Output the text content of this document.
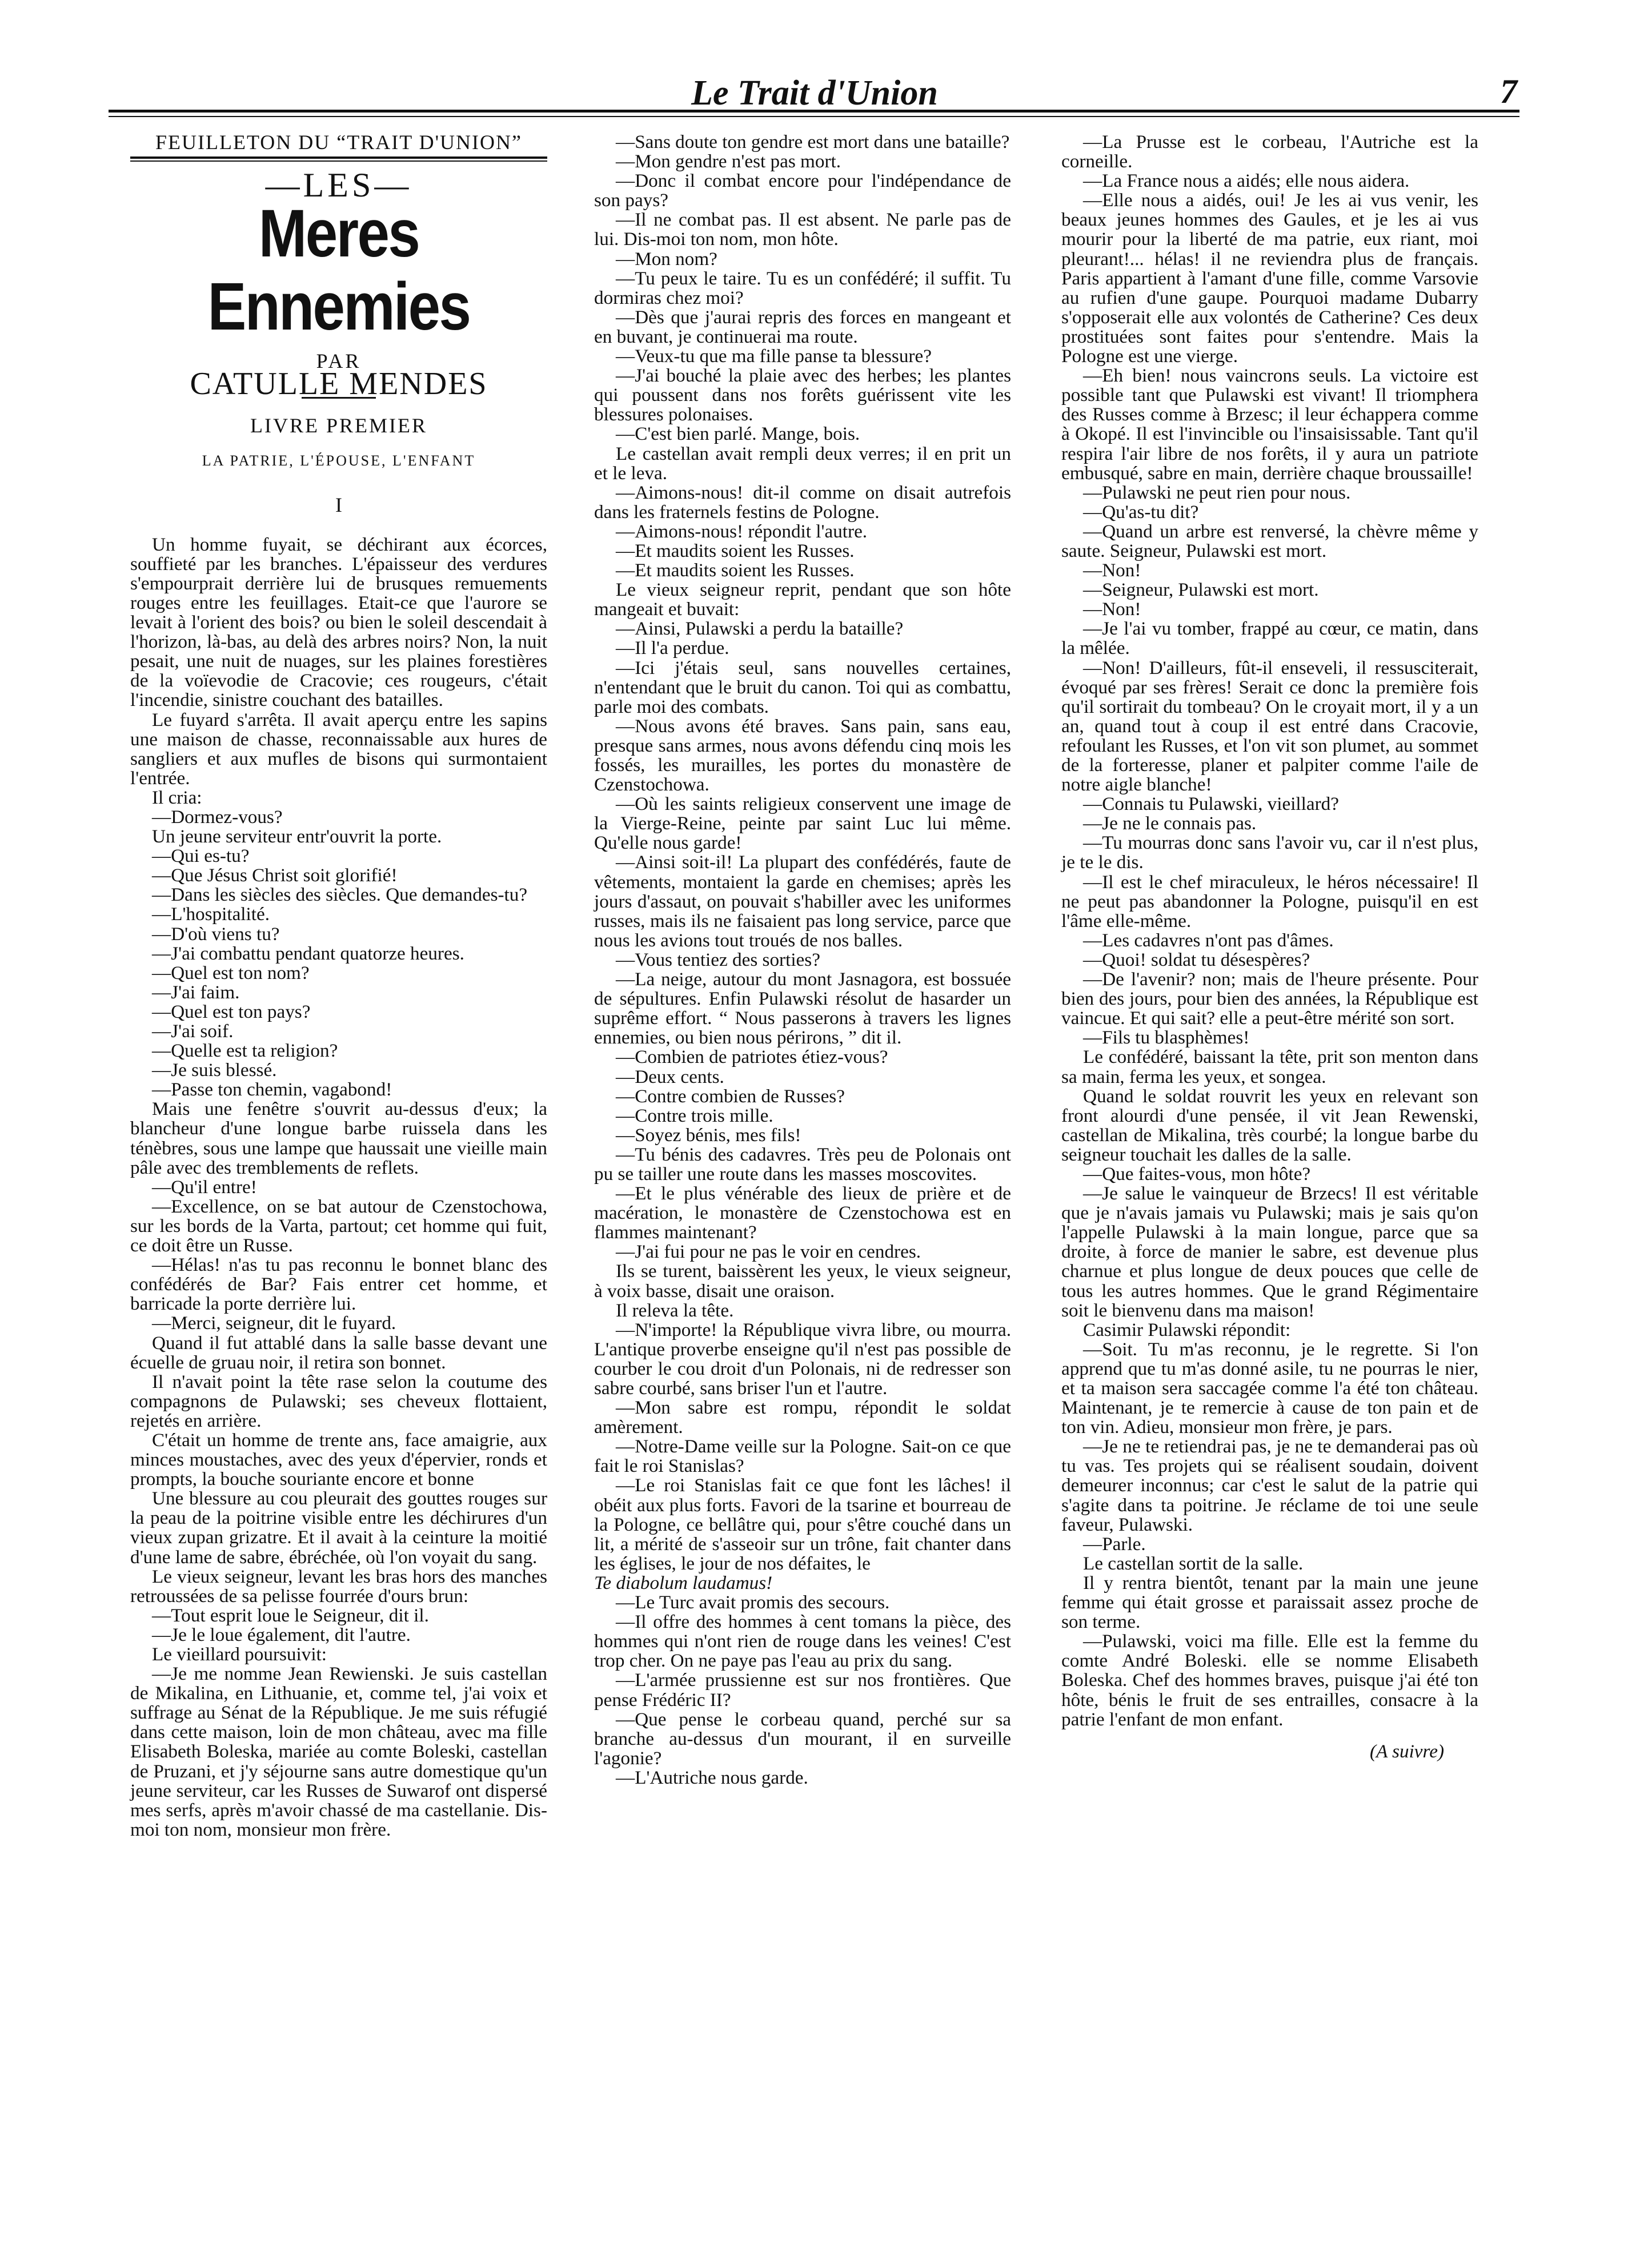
Le Trait d'Union	7
FEUILLETON DU “TRAIT D'UNION”
—LES—
Meres Ennemies
PAR
CATULLE MENDES
LIVRE PREMIER
LA PATRIE, L'ÉPOUSE, L'ENFANT
I

Un homme fuyait, se déchirant aux écorces, souffieté par les branches. L'épaisseur des verdures s'empourprait derrière lui de brusques remuements rouges entre les feuillages. Etait-ce que l'aurore se levait à l'orient des bois? ou bien le soleil descendait à l'horizon, là-bas, au delà des arbres noirs? Non, la nuit pesait, une nuit de nuages, sur les plaines forestières de la voïevodie de Cracovie; ces rougeurs, c'était l'incendie, sinistre couchant des batailles.

Le fuyard s'arrêta. Il avait aperçu entre les sapins une maison de chasse, reconnaissable aux hures de sangliers et aux mufles de bisons qui surmontaient l'entrée.

Il cria:

—Dormez-vous?

Un jeune serviteur entr'ouvrit la porte.

—Qui es-tu?

—Que Jésus Christ soit glorifié!

—Dans les siècles des siècles. Que demandes-tu?

—L'hospitalité.

—D'où viens tu?

—J'ai combattu pendant quatorze heures.

—Quel est ton nom?

—J'ai faim.

—Quel est ton pays?

—J'ai soif.

—Quelle est ta religion?

—Je suis blessé.

—Passe ton chemin, vagabond!

Mais une fenêtre s'ouvrit au-dessus d'eux; la blancheur d'une longue barbe ruissela dans les ténèbres, sous une lampe que haussait une vieille main pâle avec des tremblements de reflets.

—Qu'il entre!

—Excellence, on se bat autour de Czenstochowa, sur les bords de la Varta, partout; cet homme qui fuit, ce doit être un Russe.

—Hélas! n'as tu pas reconnu le bonnet blanc des confédérés de Bar? Fais entrer cet homme, et barricade la porte derrière lui.

—Merci, seigneur, dit le fuyard.

Quand il fut attablé dans la salle basse devant une écuelle de gruau noir, il retira son bonnet.

Il n'avait point la tête rase selon la coutume des compagnons de Pulawski; ses cheveux flottaient, rejetés en arrière.

C'était un homme de trente ans, face amaigrie, aux minces moustaches, avec des yeux d'épervier, ronds et prompts, la bouche souriante encore et bonne

Une blessure au cou pleurait des gouttes rouges sur la peau de la poitrine visible entre les déchirures d'un vieux zupan grizatre. Et il avait à la ceinture la moitié d'une lame de sabre, ébréchée, où l'on voyait du sang.

Le vieux seigneur, levant les bras hors des manches retroussées de sa pelisse fourrée d'ours brun:

—Tout esprit loue le Seigneur, dit il.

—Je le loue également, dit l'autre.

Le vieillard poursuivit:

—Je me nomme Jean Rewienski. Je suis castellan de Mikalina, en Lithuanie, et, comme tel, j'ai voix et suffrage au Sénat de la République. Je me suis réfugié dans cette maison, loin de mon château, avec ma fille Elisabeth Boleska, mariée au comte Boleski, castellan de Pruzani, et j'y séjourne sans autre domestique qu'un jeune serviteur, car les Russes de Suwarof ont dispersé mes serfs, après m'avoir chassé de ma castellanie. Dis-moi ton nom, monsieur mon frère.

—Sans doute ton gendre est mort dans une bataille?

—Mon gendre n'est pas mort.

—Donc il combat encore pour l'indépendance de son pays?

—Il ne combat pas. Il est absent. Ne parle pas de lui. Dis-moi ton nom, mon hôte.

—Mon nom?

—Tu peux le taire. Tu es un confédéré; il suffit. Tu dormiras chez moi?

—Dès que j'aurai repris des forces en mangeant et en buvant, je continuerai ma route.

—Veux-tu que ma fille panse ta blessure?

—J'ai bouché la plaie avec des herbes; les plantes qui poussent dans nos forêts guérissent vite les blessures polonaises.

—C'est bien parlé. Mange, bois.

Le castellan avait rempli deux verres; il en prit un et le leva.

—Aimons-nous! dit-il comme on disait autrefois dans les fraternels festins de Pologne.

—Aimons-nous! répondit l'autre.

—Et maudits soient les Russes.

—Et maudits soient les Russes.

Le vieux seigneur reprit, pendant que son hôte mangeait et buvait:

—Ainsi, Pulawski a perdu la bataille?

—Il l'a perdue.

—Ici j'étais seul, sans nouvelles certaines, n'entendant que le bruit du canon. Toi qui as combattu, parle moi des combats.

—Nous avons été braves. Sans pain, sans eau, presque sans armes, nous avons défendu cinq mois les fossés, les murailles, les portes du monastère de Czenstochowa.

—Où les saints religieux conservent une image de la Vierge-Reine, peinte par saint Luc lui même. Qu'elle nous garde!

—Ainsi soit-il! La plupart des confédérés, faute de vêtements, montaient la garde en chemises; après les jours d'assaut, on pouvait s'habiller avec les uniformes russes, mais ils ne faisaient pas long service, parce que nous les avions tout troués de nos balles.

—Vous tentiez des sorties?

—La neige, autour du mont Jasnagora, est bossuée de sépultures. Enfin Pulawski résolut de hasarder un suprême effort. “ Nous passerons à travers les lignes ennemies, ou bien nous périrons, ” dit il.

—Combien de patriotes étiez-vous?

—Deux cents.

—Contre combien de Russes?

—Contre trois mille.

—Soyez bénis, mes fils!

—Tu bénis des cadavres. Très peu de Polonais ont pu se tailler une route dans les masses moscovites.

—Et le plus vénérable des lieux de prière et de macération, le monastère de Czenstochowa est en flammes maintenant?

—J'ai fui pour ne pas le voir en cendres.

Ils se turent, baissèrent les yeux, le vieux seigneur, à voix basse, disait une oraison.

Il releva la tête.

—N'importe! la République vivra libre, ou mourra. L'antique proverbe enseigne qu'il n'est pas possible de courber le cou droit d'un Polonais, ni de redresser son sabre courbé, sans briser l'un et l'autre.

—Mon sabre est rompu, répondit le soldat amèrement.

—Notre-Dame veille sur la Pologne. Sait-on ce que fait le roi Stanislas?

—Le roi Stanislas fait ce que font les lâches! il obéit aux plus forts. Favori de la tsarine et bourreau de la Pologne, ce bellâtre qui, pour s'être couché dans un lit, a mérité de s'asseoir sur un trône, fait chanter dans les églises, le jour de nos défaites, le

Te diabolum laudamus!

—Le Turc avait promis des secours.

—Il offre des hommes à cent tomans la pièce, des hommes qui n'ont rien de rouge dans les veines! C'est trop cher. On ne paye pas l'eau au prix du sang.

—L'armée prussienne est sur nos frontières. Que pense Frédéric II?

—Que pense le corbeau quand, perché sur sa branche au-dessus d'un mourant, il en surveille l'agonie?

—L'Autriche nous garde.

—La Prusse est le corbeau, l'Autriche est la corneille.

—La France nous a aidés; elle nous aidera.

—Elle nous a aidés, oui! Je les ai vus venir, les beaux jeunes hommes des Gaules, et je les ai vus mourir pour la liberté de ma patrie, eux riant, moi pleurant!... hélas! il ne reviendra plus de français. Paris appartient à l'amant d'une fille, comme Varsovie au rufien d'une gaupe. Pourquoi madame Dubarry s'opposerait elle aux volontés de Catherine? Ces deux prostituées sont faites pour s'entendre. Mais la Pologne est une vierge.

—Eh bien! nous vaincrons seuls. La victoire est possible tant que Pulawski est vivant! Il triomphera des Russes comme à Brzesc; il leur échappera comme à Okopé. Il est l'invincible ou l'insaisissable. Tant qu'il respira l'air libre de nos forêts, il y aura un patriote embusqué, sabre en main, derrière chaque broussaille!

—Pulawski ne peut rien pour nous.

—Qu'as-tu dit?

—Quand un arbre est renversé, la chèvre même y saute. Seigneur, Pulawski est mort.

—Non!

—Seigneur, Pulawski est mort.

—Non!

—Je l'ai vu tomber, frappé au cœur, ce matin, dans la mêlée.

—Non! D'ailleurs, fût-il enseveli, il ressusciterait, évoqué par ses frères! Serait ce donc la première fois qu'il sortirait du tombeau? On le croyait mort, il y a un an, quand tout à coup il est entré dans Cracovie, refoulant les Russes, et l'on vit son plumet, au sommet de la forteresse, planer et palpiter comme l'aile de notre aigle blanche!

—Connais tu Pulawski, vieillard?

—Je ne le connais pas.

—Tu mourras donc sans l'avoir vu, car il n'est plus, je te le dis.

—Il est le chef miraculeux, le héros nécessaire! Il ne peut pas abandonner la Pologne, puisqu'il en est l'âme elle-même.

—Les cadavres n'ont pas d'âmes.

—Quoi! soldat tu désespères?

—De l'avenir? non; mais de l'heure présente. Pour bien des jours, pour bien des années, la République est vaincue. Et qui sait? elle a peut-être mérité son sort.

—Fils tu blasphèmes!

Le confédéré, baissant la tête, prit son menton dans sa main, ferma les yeux, et songea.

Quand le soldat rouvrit les yeux en relevant son front alourdi d'une pensée, il vit Jean Rewenski, castellan de Mikalina, très courbé; la longue barbe du seigneur touchait les dalles de la salle.

—Que faites-vous, mon hôte?

—Je salue le vainqueur de Brzecs! Il est véritable que je n'avais jamais vu Pulawski; mais je sais qu'on l'appelle Pulawski à la main longue, parce que sa droite, à force de manier le sabre, est devenue plus charnue et plus longue de deux pouces que celle de tous les autres hommes. Que le grand Régimentaire soit le bienvenu dans ma maison!

Casimir Pulawski répondit:

—Soit. Tu m'as reconnu, je le regrette. Si l'on apprend que tu m'as donné asile, tu ne pourras le nier, et ta maison sera saccagée comme l'a été ton château. Maintenant, je te remercie à cause de ton pain et de ton vin. Adieu, monsieur mon frère, je pars.

—Je ne te retiendrai pas, je ne te demanderai pas où tu vas. Tes projets qui se réalisent soudain, doivent demeurer inconnus; car c'est le salut de la patrie qui s'agite dans ta poitrine. Je réclame de toi une seule faveur, Pulawski.

—Parle.

Le castellan sortit de la salle.

Il y rentra bientôt, tenant par la main une jeune femme qui était grosse et paraissait assez proche de son terme.

—Pulawski, voici ma fille. Elle est la femme du comte André Boleski. elle se nomme Elisabeth Boleska. Chef des hommes braves, puisque j'ai été ton hôte, bénis le fruit de ses entrailles, consacre à la patrie l'enfant de mon enfant.

(A suivre)
